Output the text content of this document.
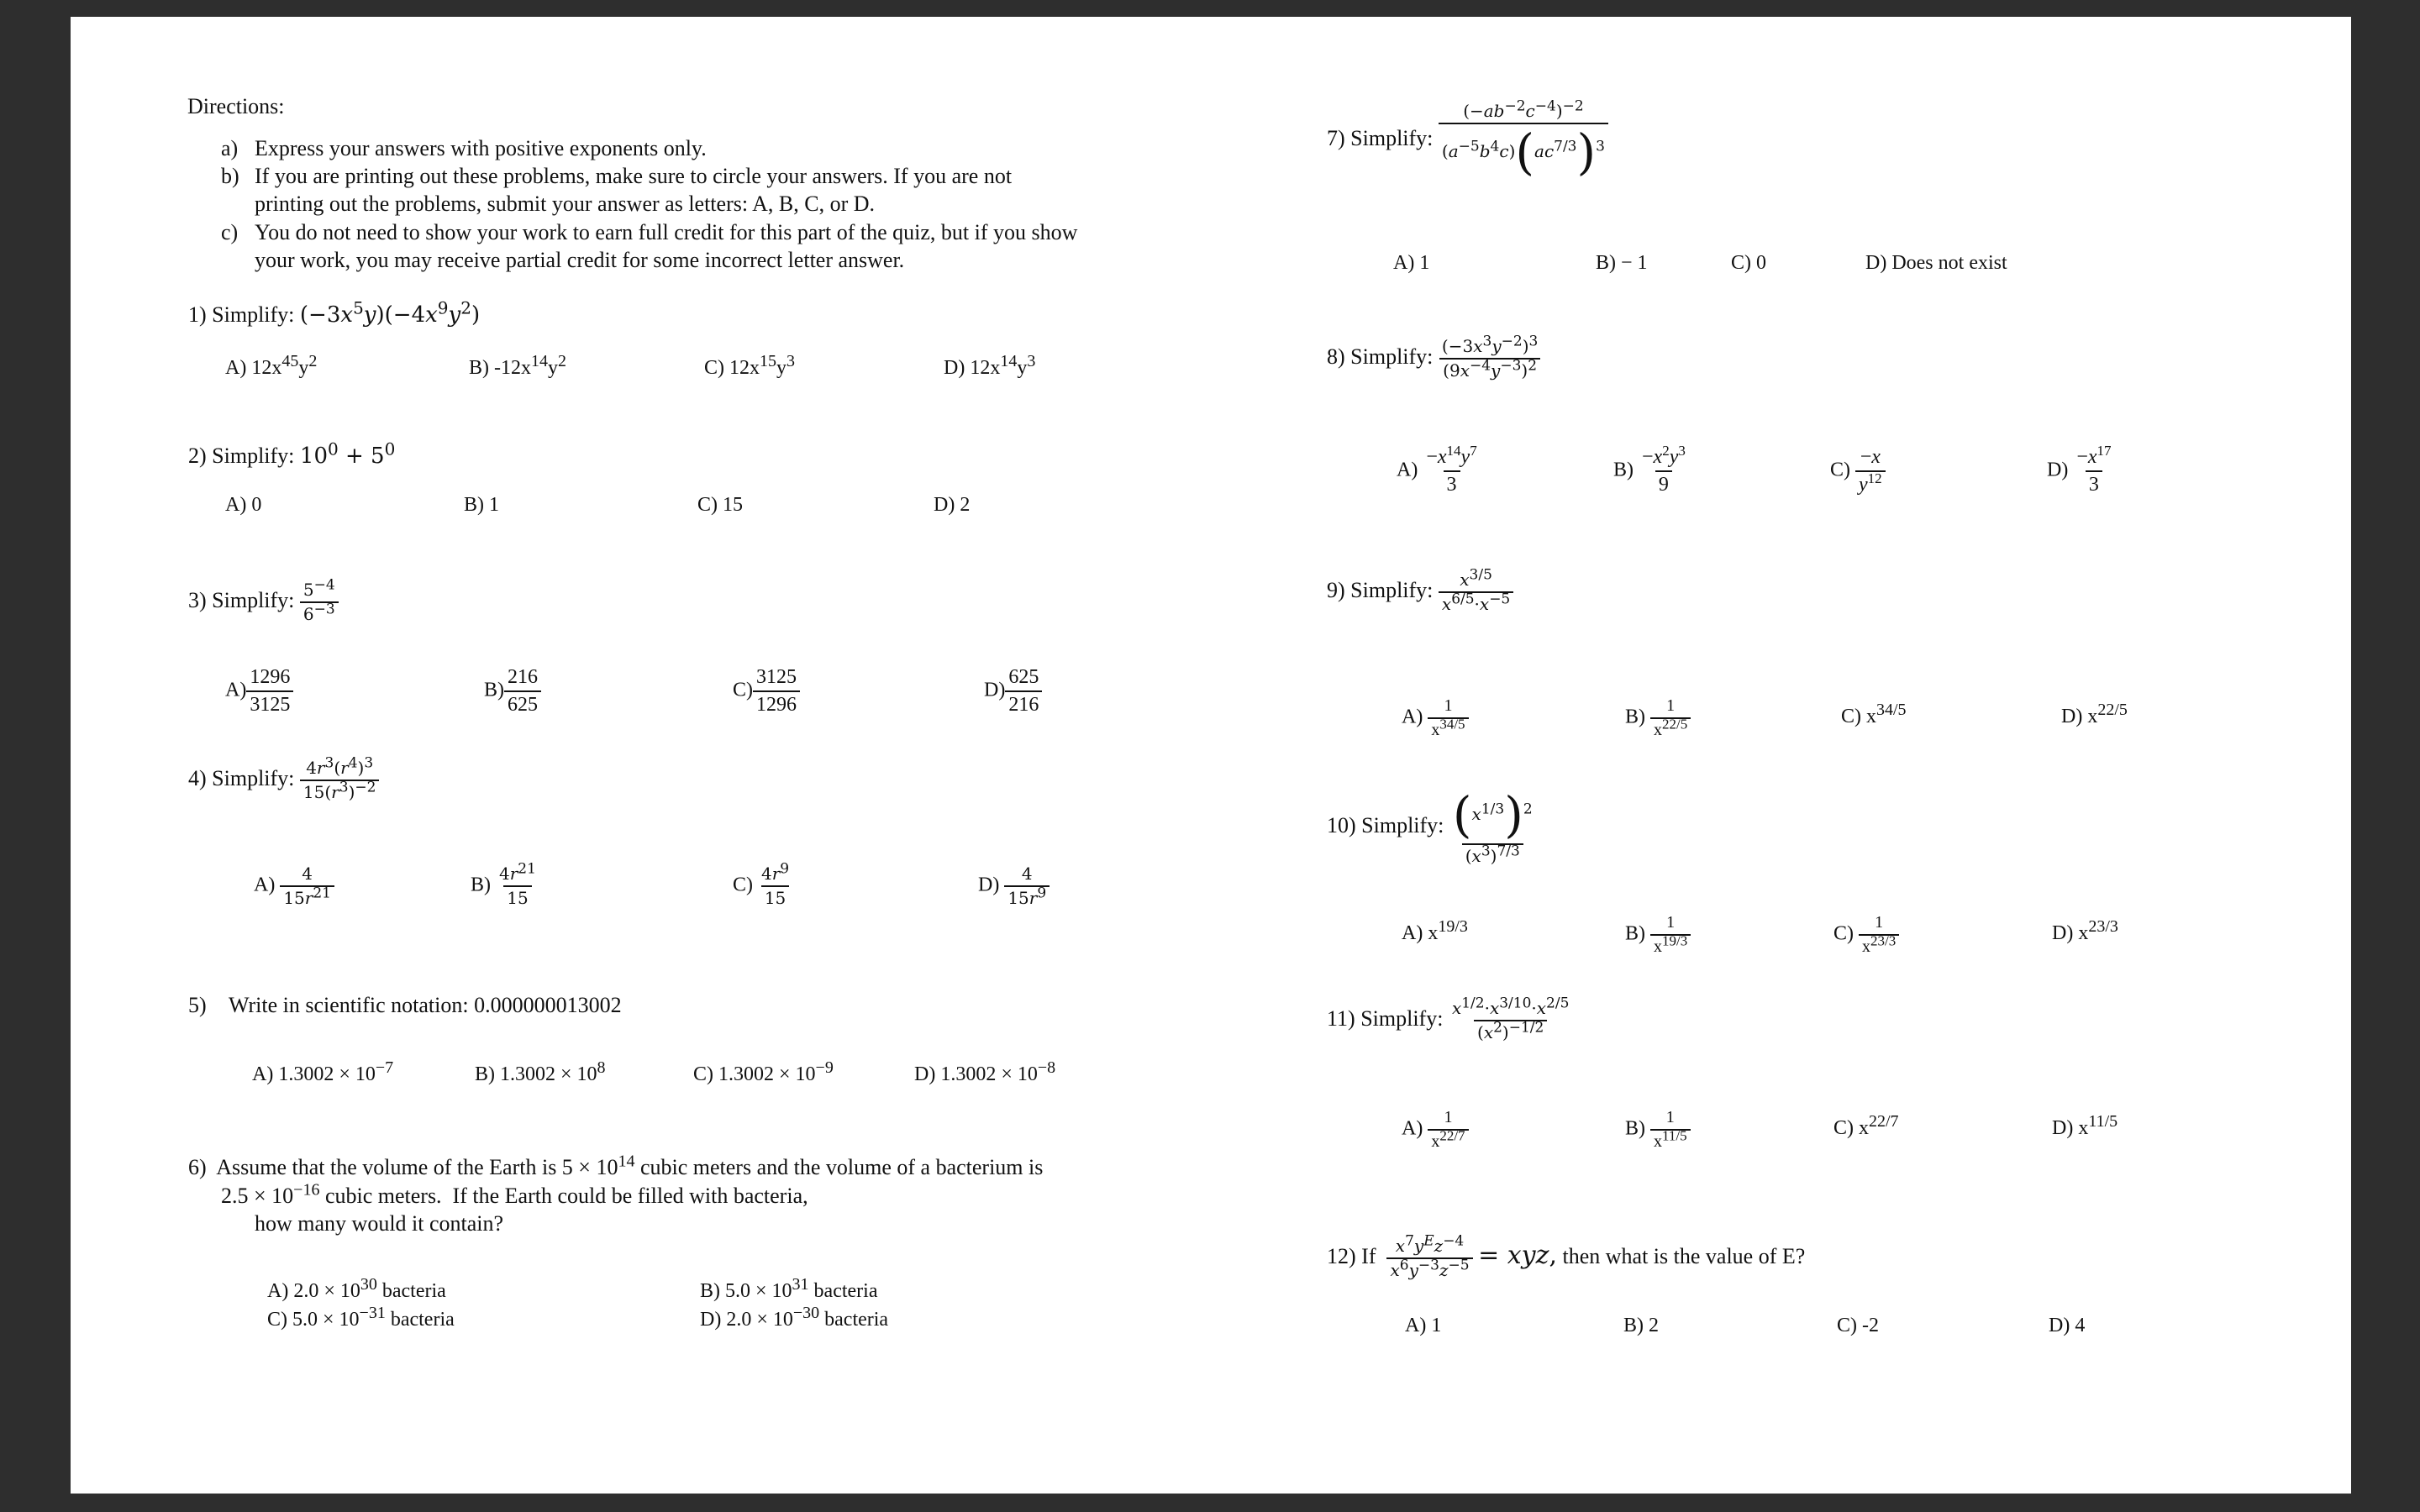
Directions:
a) Express your answers with positive exponents only.
b) If you are printing out these problems, make sure to circle your answers. If you are not
printing out the problems, submit your answer as letters: A, B, C, or D.
c) You do not need to show your work to earn full credit for this part of the quiz, but if you show
your work, you may receive partial credit for some incorrect letter answer.
1) Simplify: $(-3x^5y)(-4x^9y^2)$
A) $12x^{45}y^2$	B) $-12x^{14}y^2$	C) $12x^{15}y^3$	D) $12x^{14}y^3$
2) Simplify: $10^0 + 5^0$
A) 0	B) 1	C) 15	D) 2
3) Simplify: $\frac{5^{-4}}{6^{-3}}$
$A) \frac{1296}{3125}$	$B) \frac{216}{625}$	$C) \frac{3125}{1296}$	$D) \frac{625}{216}$
4) Simplify: $\frac{4r^3(r^4)^3}{15(r^3)^{-2}}$
$A) \frac{4}{15r^{21}}$	$B) \frac{4r^{21}}{15}$	$C) \frac{4r^9}{15}$	$D) \frac{4}{15r^9}$
5) Write in scientific notation: 0.000000013002
A) $1.3002 \times 10^{-7}$	B) $1.3002 \times 10^8$	C) $1.3002 \times 10^{-9}$	D) $1.3002 \times 10^{-8}$
6)  Assume that the volume of the Earth is $5 \times 10^{14}$ cubic meters and the volume of a bacterium is
$2.5 \times 10^{-16}$ cubic meters.  If the Earth could be filled with bacteria,
how many would it contain?
A) $2.0 \times 10^{30}$ bacteria	B) $5.0 \times 10^{31}$ bacteria
C) $5.0 \times 10^{-31}$ bacteria	D) $2.0 \times 10^{-30}$ bacteria
7) Simplify: $\frac{(-ab^{-2}c^{-4})^{-2}}{(a^{-5}b^4c)(ac^{7/3})^3}$
A) 1	B) − 1	C) 0	D) Does not exist
8) Simplify: $\frac{(-3x^3y^{-2})^3}{(9x^{-4}y^{-3})^2}$
$A) \frac{-x^{14}y^7}{3}$	$B) \frac{-x^2y^3}{9}$	$C) \frac{-x}{y^{12}}$	$D) \frac{-x^{17}}{3}$
9) Simplify: $\frac{x^{3/5}}{x^{6/5}\cdot x^{-5}}$
$A) \frac{1}{x^{34/5}}$	$B) \frac{1}{x^{22/5}}$	C) $x^{34/5}$	D) $x^{22/5}$
10) Simplify: $\frac{(x^{1/3})^2}{(x^3)^{7/3}}$
A) $x^{19/3}$	$B) \frac{1}{x^{19/3}}$	$C) \frac{1}{x^{23/3}}$	D) $x^{23/3}$
11) Simplify: $\frac{x^{1/2}\cdot x^{3/10}\cdot x^{2/5}}{(x^2)^{-1/2}}$
$A) \frac{1}{x^{22/7}}$	$B) \frac{1}{x^{11/5}}$	C) $x^{22/7}$	D) $x^{11/5}$
12) If $\frac{x^7y^Ez^{-4}}{x^6y^{-3}z^{-5}}$ = xyz, then what is the value of E?
A) 1	B) 2	C) -2	D) 4
